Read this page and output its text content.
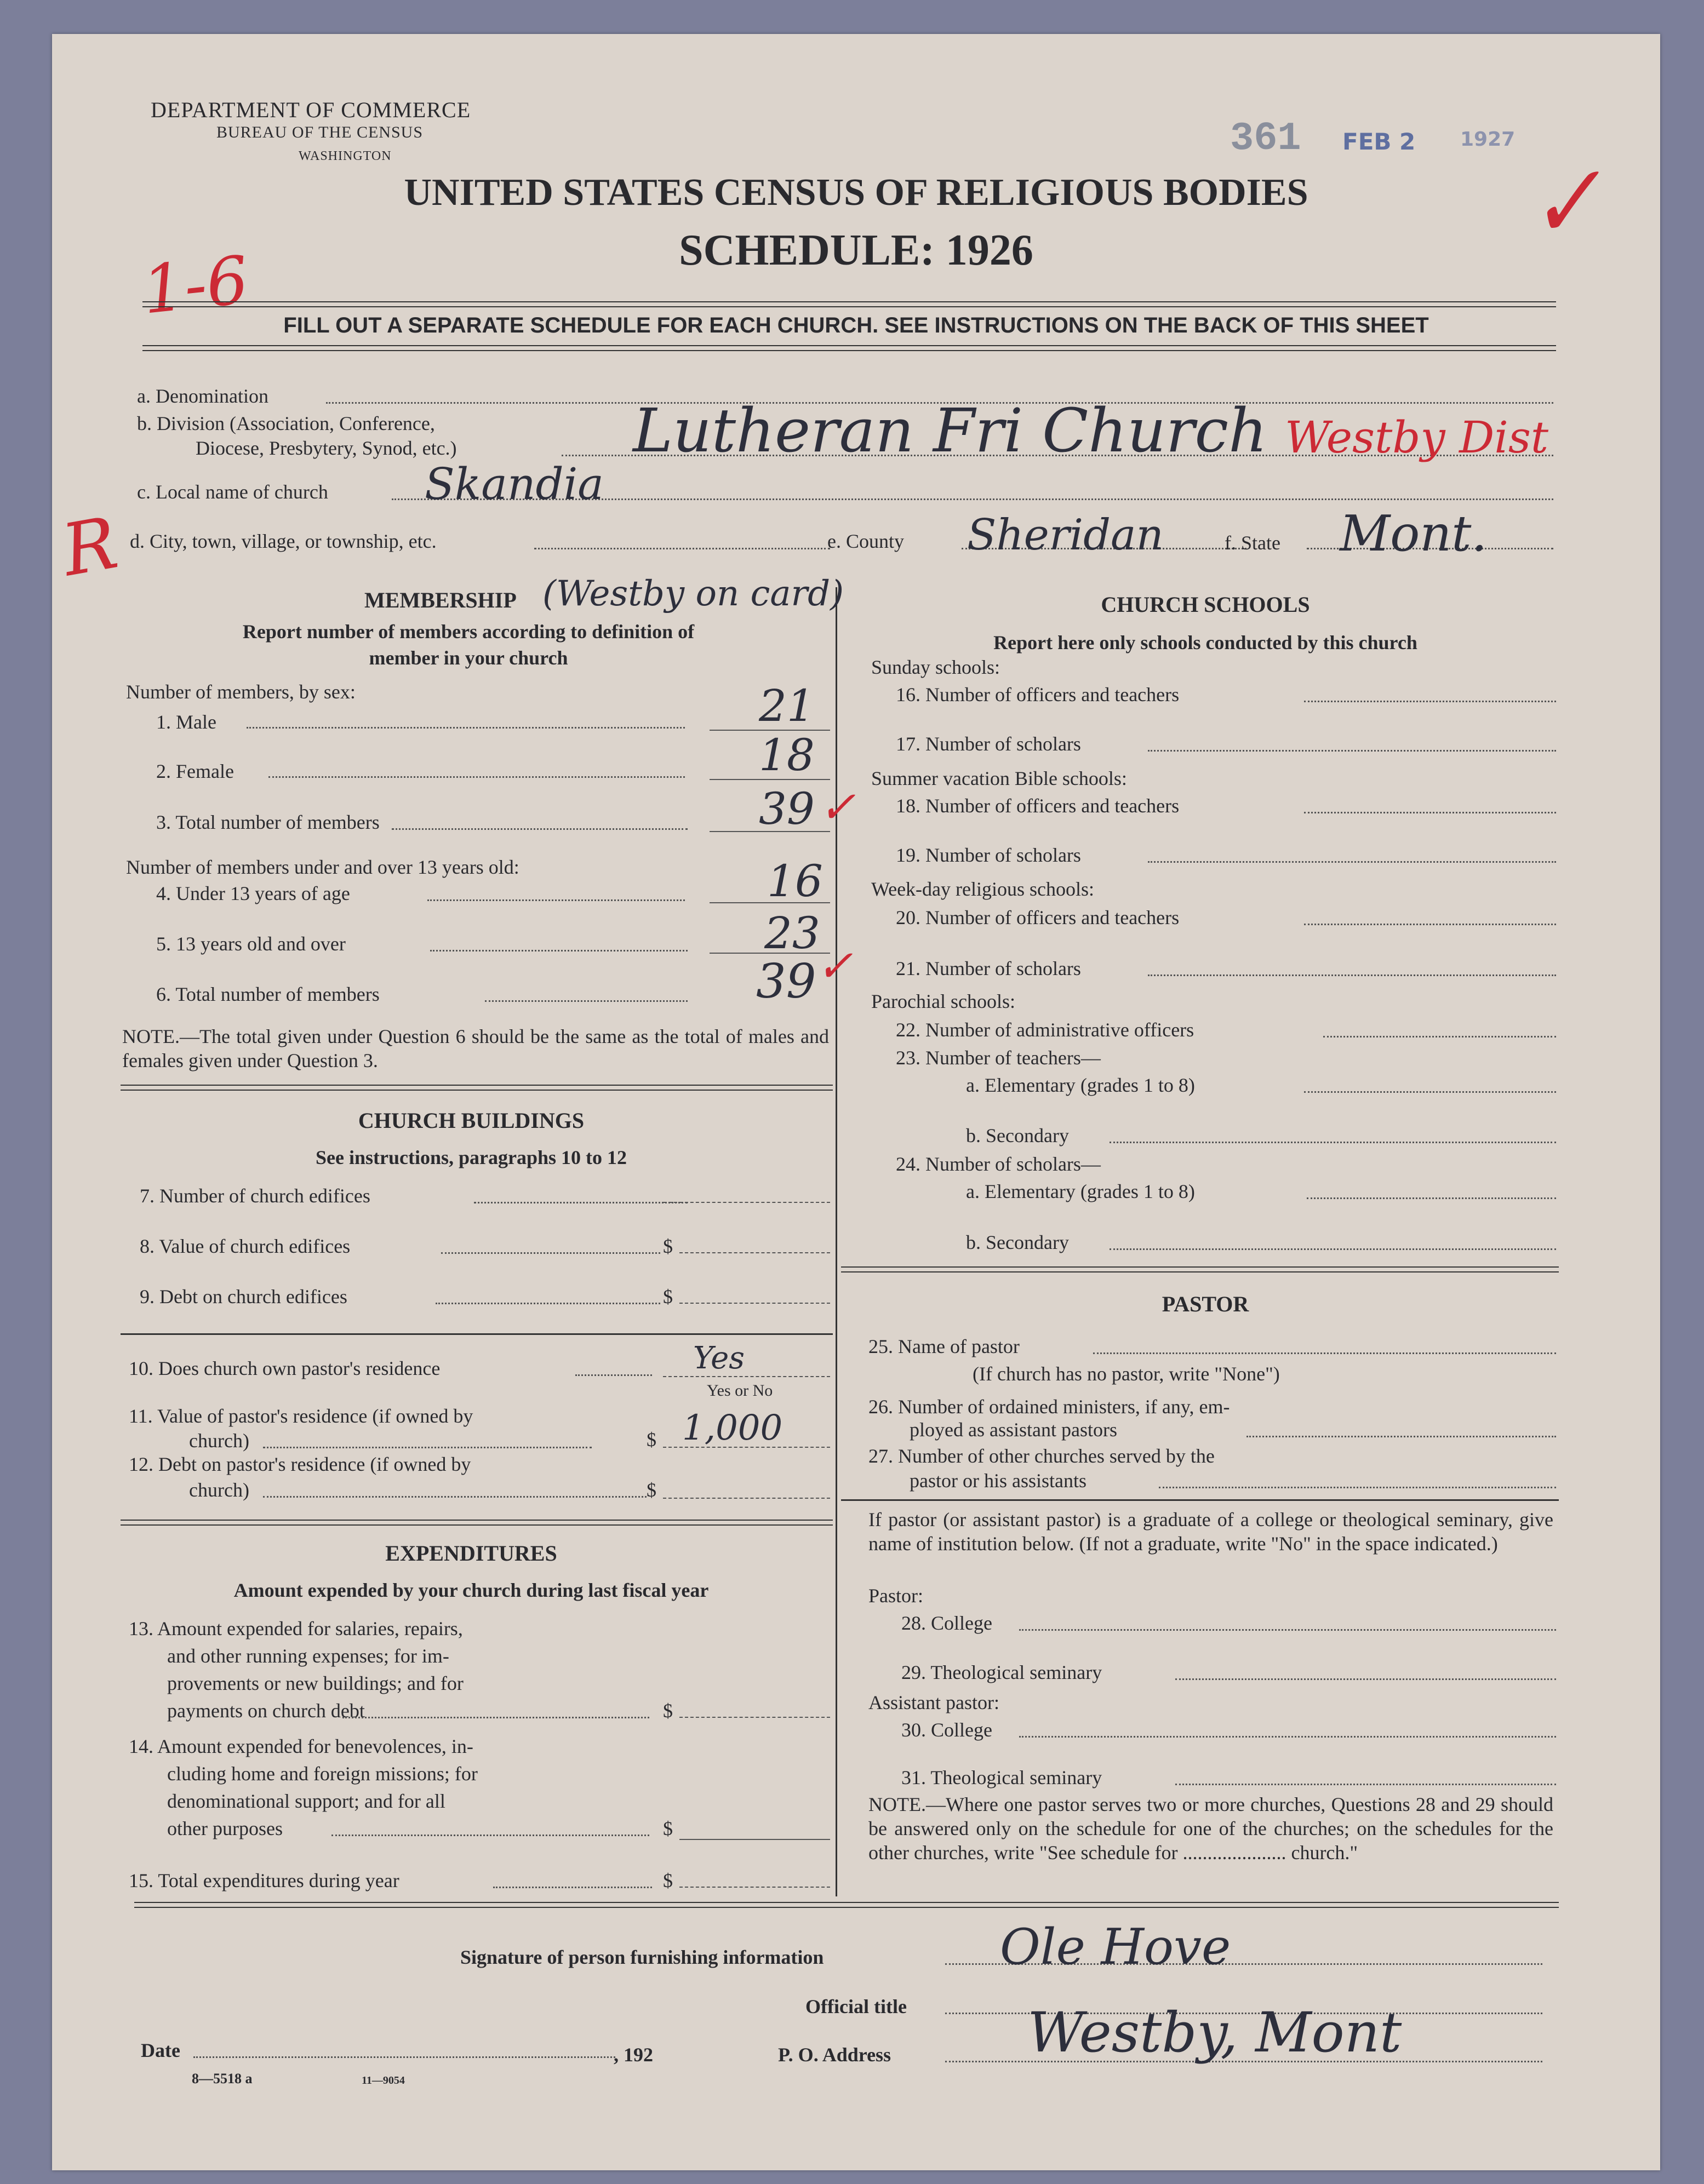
DEPARTMENT OF COMMERCE
BUREAU OF THE CENSUS
WASHINGTON	361 FEB 2 1927
✓
UNITED STATES CENSUS OF RELIGIOUS BODIES
SCHEDULE: 1926
1-6	FILL OUT A SEPARATE SCHEDULE FOR EACH CHURCH. SEE INSTRUCTIONS ON THE BACK OF THIS SHEET
a. Denomination
b. Division (Association, Conference,
Diocese, Presbytery, Synod, etc.)	Lutheran Fri Church Westby Dist
c. Local name of church Skandia
R d. City, town, village, or township, etc.	e. County Sheridan	f. State Mont.
MEMBERSHIP (Westby on card)
Report number of members according to definition of
member in your church
Number of members, by sex:
1. Male	21
2. Female	18
3. Total number of members	39 ✓
Number of members under and over 13 years old:
4. Under 13 years of age	16
5. 13 years old and over	23
6. Total number of members	39 ✓
NOTE.—The total given under Question 6 should be the same as the total of males and females given under Question 3.
CHURCH BUILDINGS
See instructions, paragraphs 10 to 12
7. Number of church edifices
8. Value of church edifices	$
9. Debt on church edifices	$
10. Does church own pastor's residence	Yes
Yes or No
11. Value of pastor's residence (if owned by
church)	$ 1,000
12. Debt on pastor's residence (if owned by
church)	$
EXPENDITURES
Amount expended by your church during last fiscal year
13. Amount expended for salaries, repairs,
and other running expenses; for im-
provements or new buildings; and for
payments on church debt	$
14. Amount expended for benevolences, in-
cluding home and foreign missions; for
denominational support; and for all
other purposes	$
15. Total expenditures during year	$
CHURCH SCHOOLS
Report here only schools conducted by this church
Sunday schools:
16. Number of officers and teachers
17. Number of scholars
Summer vacation Bible schools:
18. Number of officers and teachers
19. Number of scholars
Week-day religious schools:
20. Number of officers and teachers
21. Number of scholars
Parochial schools:
22. Number of administrative officers
23. Number of teachers—
a. Elementary (grades 1 to 8)
b. Secondary
24. Number of scholars—
a. Elementary (grades 1 to 8)
b. Secondary
PASTOR
25. Name of pastor
(If church has no pastor, write "None")
26. Number of ordained ministers, if any, em-
ployed as assistant pastors
27. Number of other churches served by the
pastor or his assistants
If pastor (or assistant pastor) is a graduate of a college or theological seminary, give name of institution below. (If not a graduate, write "No" in the space indicated.)
Pastor:
28. College
29. Theological seminary
Assistant pastor:
30. College
31. Theological seminary
NOTE.—Where one pastor serves two or more churches, Questions 28 and 29 should be answered only on the schedule for one of the churches; on the schedules for the other churches, write "See schedule for ..................... church."
Signature of person furnishing information	Ole Hove
Official title
Date	, 192	P. O. Address Westby, Mont
8—5518 a	11—9054
